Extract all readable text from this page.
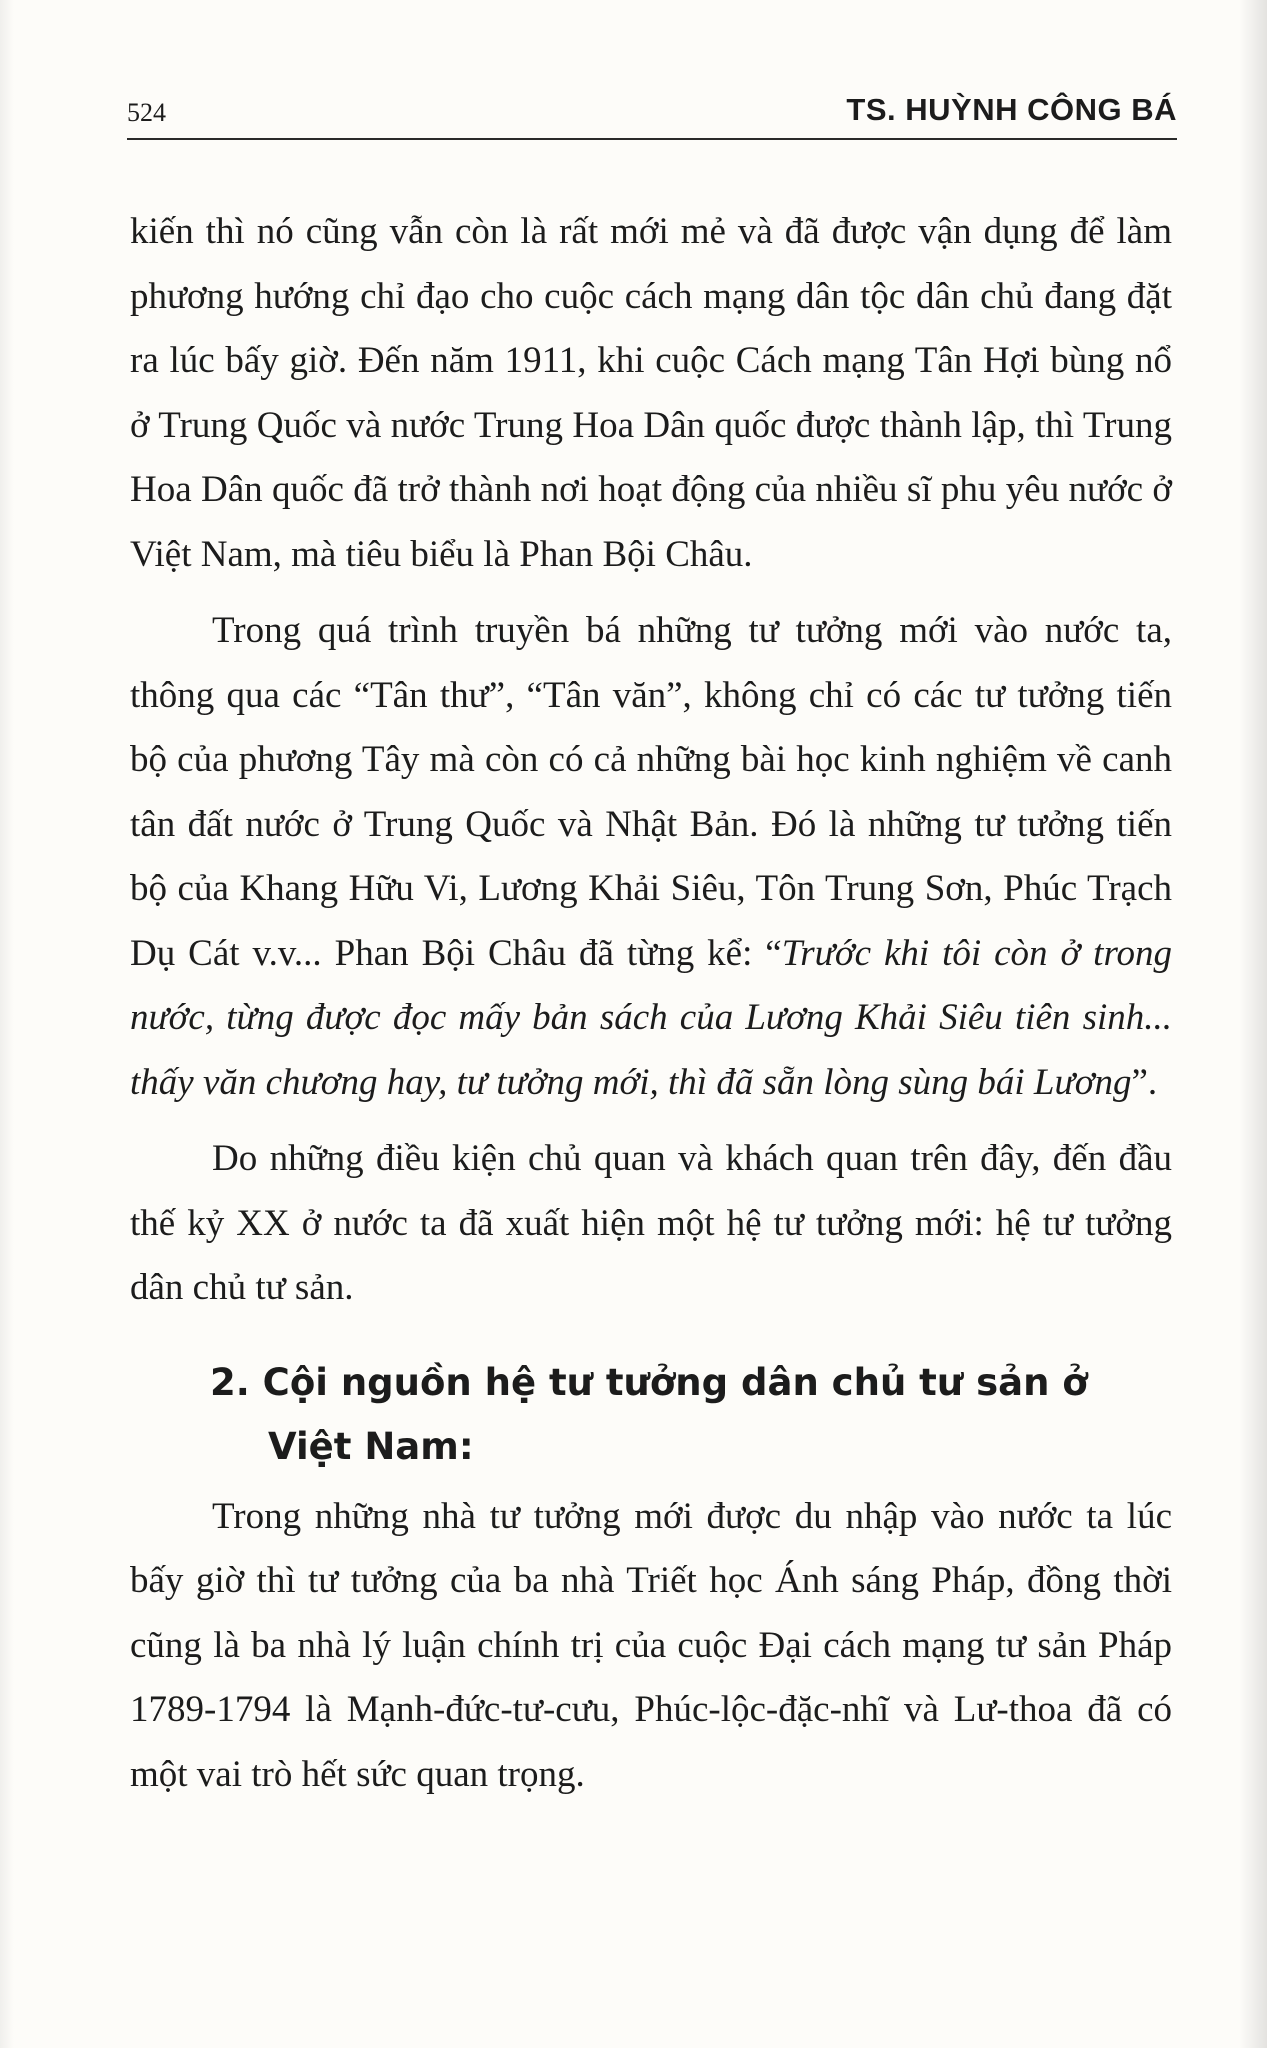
524	TS. HUỲNH CÔNG BÁ

kiến thì nó cũng vẫn còn là rất mới mẻ và đã được vận dụng để làm phương hướng chỉ đạo cho cuộc cách mạng dân tộc dân chủ đang đặt ra lúc bấy giờ. Đến năm 1911, khi cuộc Cách mạng Tân Hợi bùng nổ ở Trung Quốc và nước Trung Hoa Dân quốc được thành lập, thì Trung Hoa Dân quốc đã trở thành nơi hoạt động của nhiều sĩ phu yêu nước ở Việt Nam, mà tiêu biểu là Phan Bội Châu.

Trong quá trình truyền bá những tư tưởng mới vào nước ta, thông qua các “Tân thư”, “Tân văn”, không chỉ có các tư tưởng tiến bộ của phương Tây mà còn có cả những bài học kinh nghiệm về canh tân đất nước ở Trung Quốc và Nhật Bản. Đó là những tư tưởng tiến bộ của Khang Hữu Vi, Lương Khải Siêu, Tôn Trung Sơn, Phúc Trạch Dụ Cát v.v... Phan Bội Châu đã từng kể: “Trước khi tôi còn ở trong nước, từng được đọc mấy bản sách của Lương Khải Siêu tiên sinh... thấy văn chương hay, tư tưởng mới, thì đã sẵn lòng sùng bái Lương”.

Do những điều kiện chủ quan và khách quan trên đây, đến đầu thế kỷ XX ở nước ta đã xuất hiện một hệ tư tưởng mới: hệ tư tưởng dân chủ tư sản.

2. Cội nguồn hệ tư tưởng dân chủ tư sản ở
Việt Nam:

Trong những nhà tư tưởng mới được du nhập vào nước ta lúc bấy giờ thì tư tưởng của ba nhà Triết học Ánh sáng Pháp, đồng thời cũng là ba nhà lý luận chính trị của cuộc Đại cách mạng tư sản Pháp 1789-1794 là Mạnh-đức-tư-cưu, Phúc-lộc-đặc-nhĩ và Lư-thoa đã có một vai trò hết sức quan trọng.
